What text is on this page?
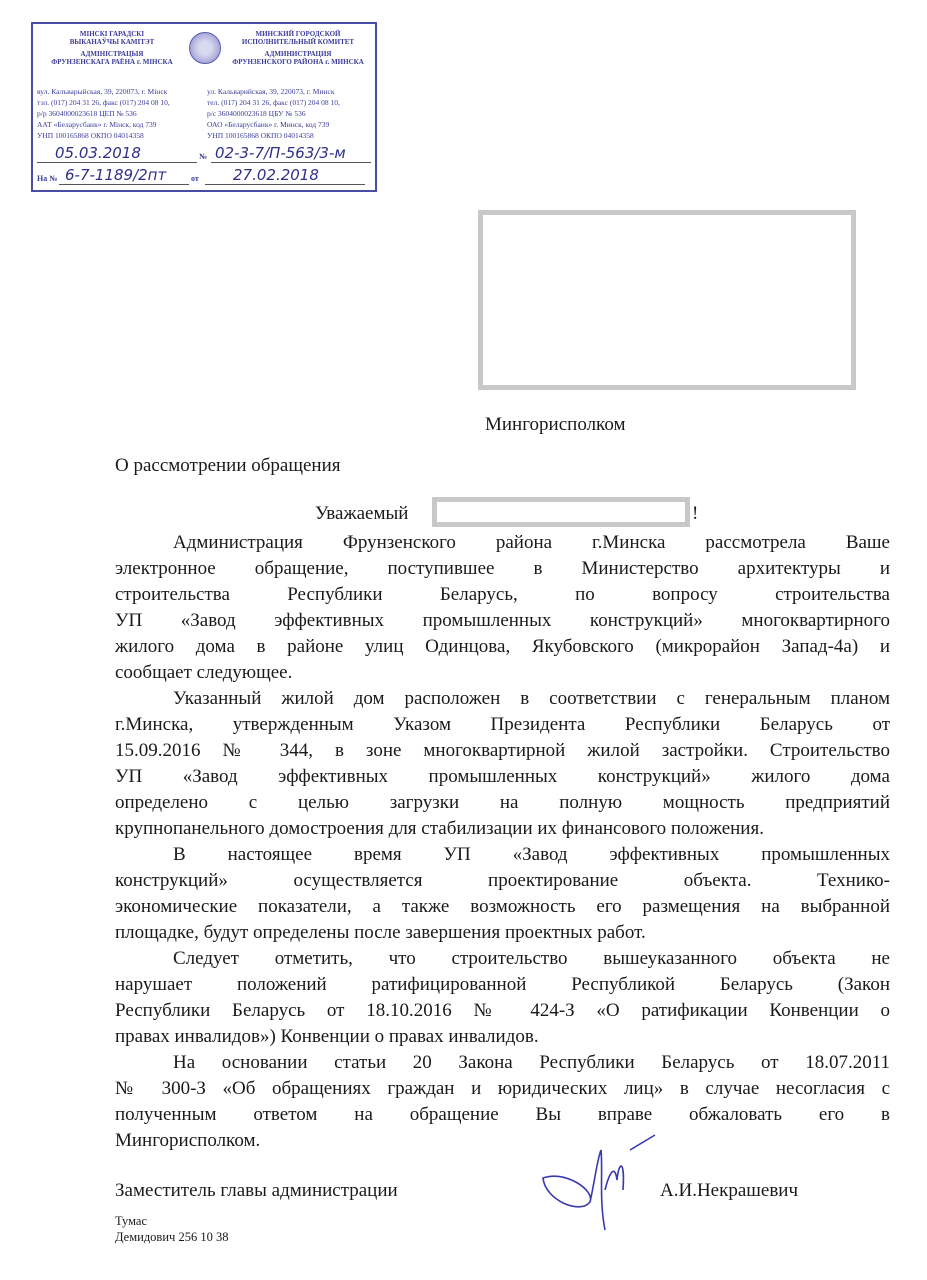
МІНСКІ ГАРАДСКІ
ВЫКАНАЎЧЫ КАМІТЭТ
АДМІНІСТРАЦЫЯ
ФРУНЗЕНСКАГА РАЁНА г. МІНСКА
МИНСКИЙ ГОРОДСКОЙ
ИСПОЛНИТЕЛЬНЫЙ КОМИТЕТ
АДМИНИСТРАЦИЯ
ФРУНЗЕНСКОГО РАЙОНА г. МИНСКА
вул. Калъварыйская, 39, 220073, г. Мінск
тэл. (017) 204 31 26, факс (017) 204 08 10,
р/р 3604000023618 ЦЕП № 536
ААТ «Беларусбанк» г. Мінск, код 739
УНП 100165868 ОКПО 04014358
ул. Кальварийская, 39, 220073, г. Минск
тел. (017) 204 31 26, факс (017) 204 08 10,
р/с 3604000023618 ЦБУ № 536
ОАО «Беларусбанк» г. Минск, код 739
УНП 100165868 ОКПО 04014358
05.03.2018	№ 02-3-7/П-563/3-м
На № 6-7-1189/2пт	от 27.02.2018
Мингорисполком
О рассмотрении обращения
Уважаемый	!
Администрация Фрунзенского района г.Минска рассмотрела Ваше
электронное обращение, поступившее в Министерство архитектуры и
строительства Республики Беларусь, по вопросу строительства
УП «Завод эффективных промышленных конструкций» многоквартирного
жилого дома в районе улиц Одинцова, Якубовского (микрорайон Запад-4а) и
сообщает следующее.
Указанный жилой дом расположен в соответствии с генеральным планом
г.Минска, утвержденным Указом Президента Республики Беларусь от
15.09.2016 № 344, в зоне многоквартирной жилой застройки. Строительство
УП «Завод эффективных промышленных конструкций» жилого дома
определено с целью загрузки на полную мощность предприятий
крупнопанельного домостроения для стабилизации их финансового положения.
В настоящее время УП «Завод эффективных промышленных
конструкций» осуществляется проектирование объекта. Технико-
экономические показатели, а также возможность его размещения на выбранной
площадке, будут определены после завершения проектных работ.
Следует отметить, что строительство вышеуказанного объекта не
нарушает положений ратифицированной Республикой Беларусь (Закон
Республики Беларусь от 18.10.2016 № 424-З «О ратификации Конвенции о
правах инвалидов») Конвенции о правах инвалидов.
На основании статьи 20 Закона Республики Беларусь от 18.07.2011
№ 300-З «Об обращениях граждан и юридических лиц» в случае несогласия с
полученным ответом на обращение Вы вправе обжаловать его в
Мингорисполком.
Заместитель главы администрации	А.И.Некрашевич
Тумас
Демидович 256 10 38
